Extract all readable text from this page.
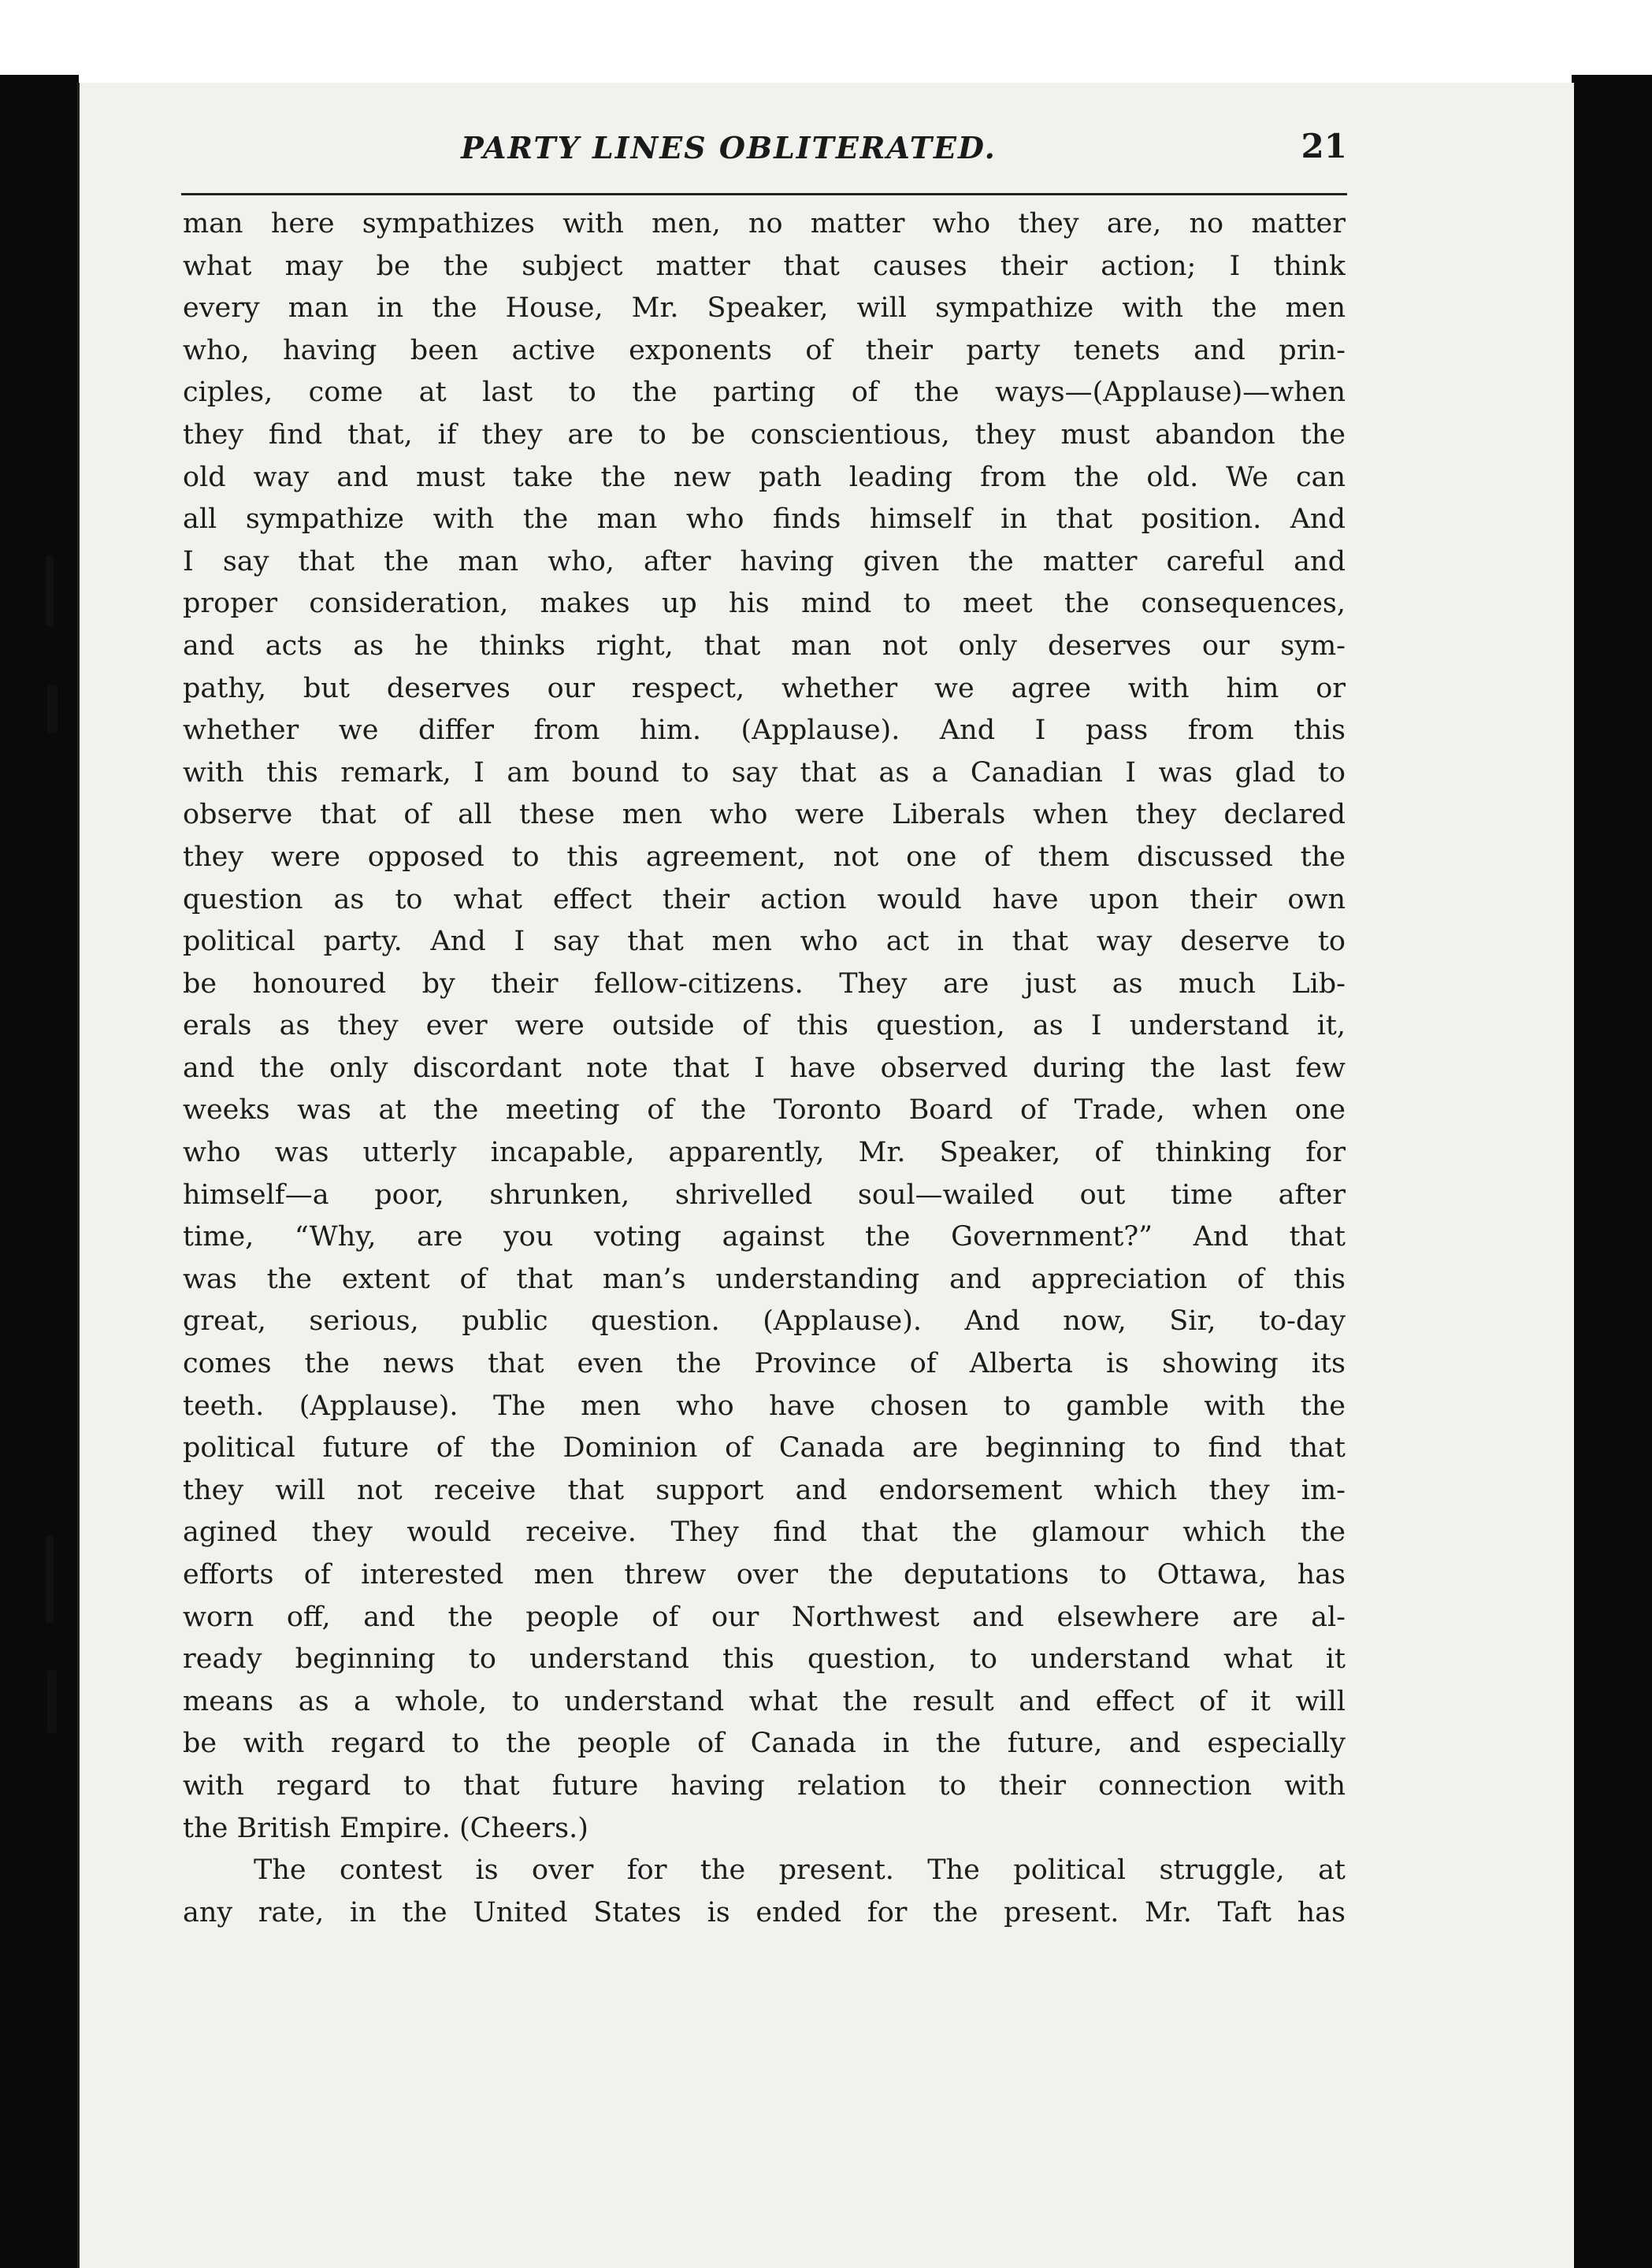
PARTY LINES OBLITERATED.	21
man here sympathizes with men, no matter who they are, no matter
what may be the subject matter that causes their action; I think
every man in the House, Mr. Speaker, will sympathize with the men
who, having been active exponents of their party tenets and prin-
ciples, come at last to the parting of the ways—(Applause)—when
they find that, if they are to be conscientious, they must abandon the
old way and must take the new path leading from the old. We can
all sympathize with the man who finds himself in that position. And
I say that the man who, after having given the matter careful and
proper consideration, makes up his mind to meet the consequences,
and acts as he thinks right, that man not only deserves our sym-
pathy, but deserves our respect, whether we agree with him or
whether we differ from him. (Applause). And I pass from this
with this remark, I am bound to say that as a Canadian I was glad to
observe that of all these men who were Liberals when they declared
they were opposed to this agreement, not one of them discussed the
question as to what effect their action would have upon their own
political party. And I say that men who act in that way deserve to
be honoured by their fellow-citizens. They are just as much Lib-
erals as they ever were outside of this question, as I understand it,
and the only discordant note that I have observed during the last few
weeks was at the meeting of the Toronto Board of Trade, when one
who was utterly incapable, apparently, Mr. Speaker, of thinking for
himself—a poor, shrunken, shrivelled soul—wailed out time after
time, “Why, are you voting against the Government?” And that
was the extent of that man’s understanding and appreciation of this
great, serious, public question. (Applause). And now, Sir, to-day
comes the news that even the Province of Alberta is showing its
teeth. (Applause). The men who have chosen to gamble with the
political future of the Dominion of Canada are beginning to find that
they will not receive that support and endorsement which they im-
agined they would receive. They find that the glamour which the
efforts of interested men threw over the deputations to Ottawa, has
worn off, and the people of our Northwest and elsewhere are al-
ready beginning to understand this question, to understand what it
means as a whole, to understand what the result and effect of it will
be with regard to the people of Canada in the future, and especially
with regard to that future having relation to their connection with
the British Empire. (Cheers.)
The contest is over for the present. The political struggle, at
any rate, in the United States is ended for the present. Mr. Taft has
